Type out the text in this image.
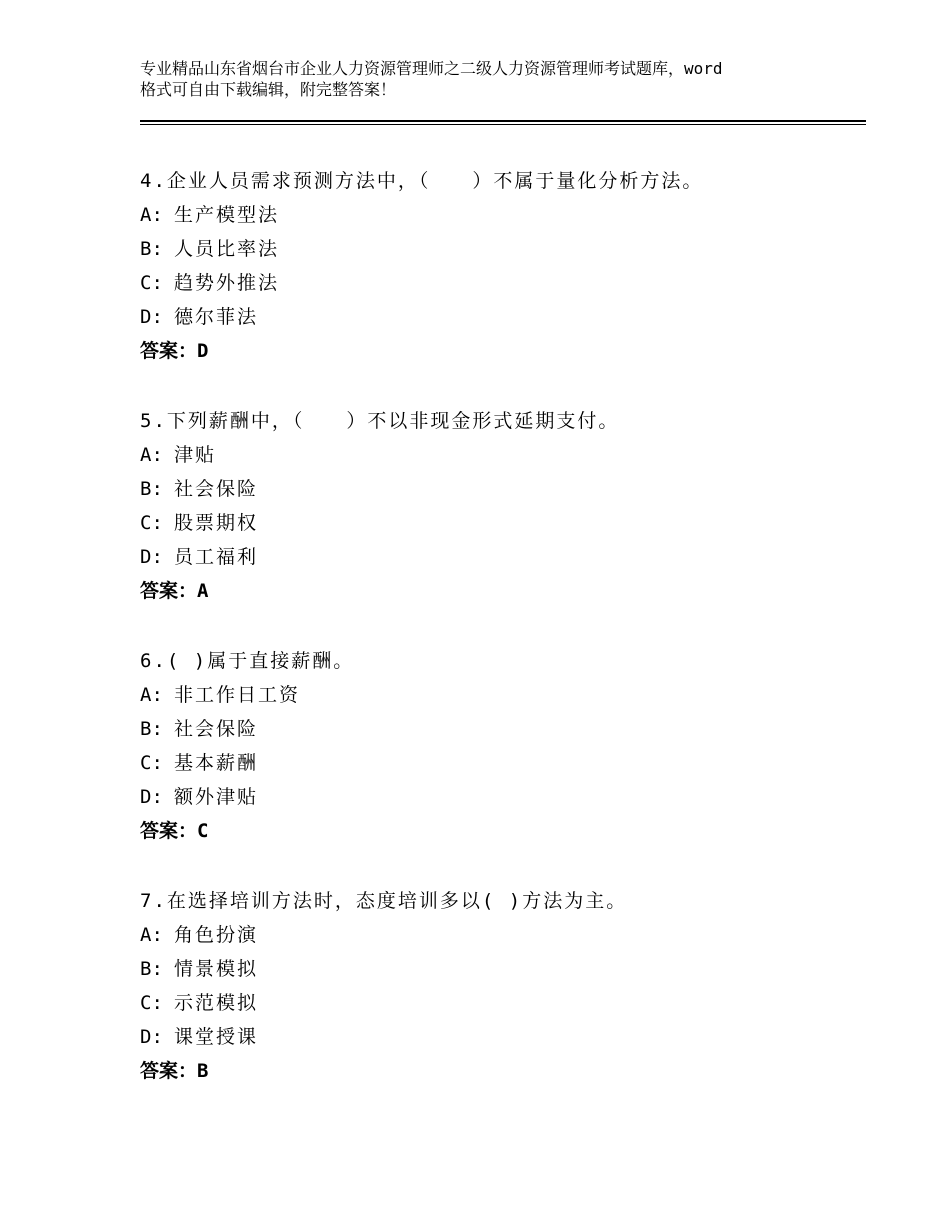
专业精品山东省烟台市企业人力资源管理师之二级人力资源管理师考试题库，word
格式可自由下载编辑，附完整答案！
4.企业人员需求预测方法中，（　　）不属于量化分析方法。
A: 生产模型法
B: 人员比率法
C: 趋势外推法
D: 德尔菲法
答案：D
5.下列薪酬中，（　　）不以非现金形式延期支付。
A: 津贴
B: 社会保险
C: 股票期权
D: 员工福利
答案：A
6.( )属于直接薪酬。
A: 非工作日工资
B: 社会保险
C: 基本薪酬
D: 额外津贴
答案：C
7.在选择培训方法时，态度培训多以( )方法为主。
A: 角色扮演
B: 情景模拟
C: 示范模拟
D: 课堂授课
答案：B
